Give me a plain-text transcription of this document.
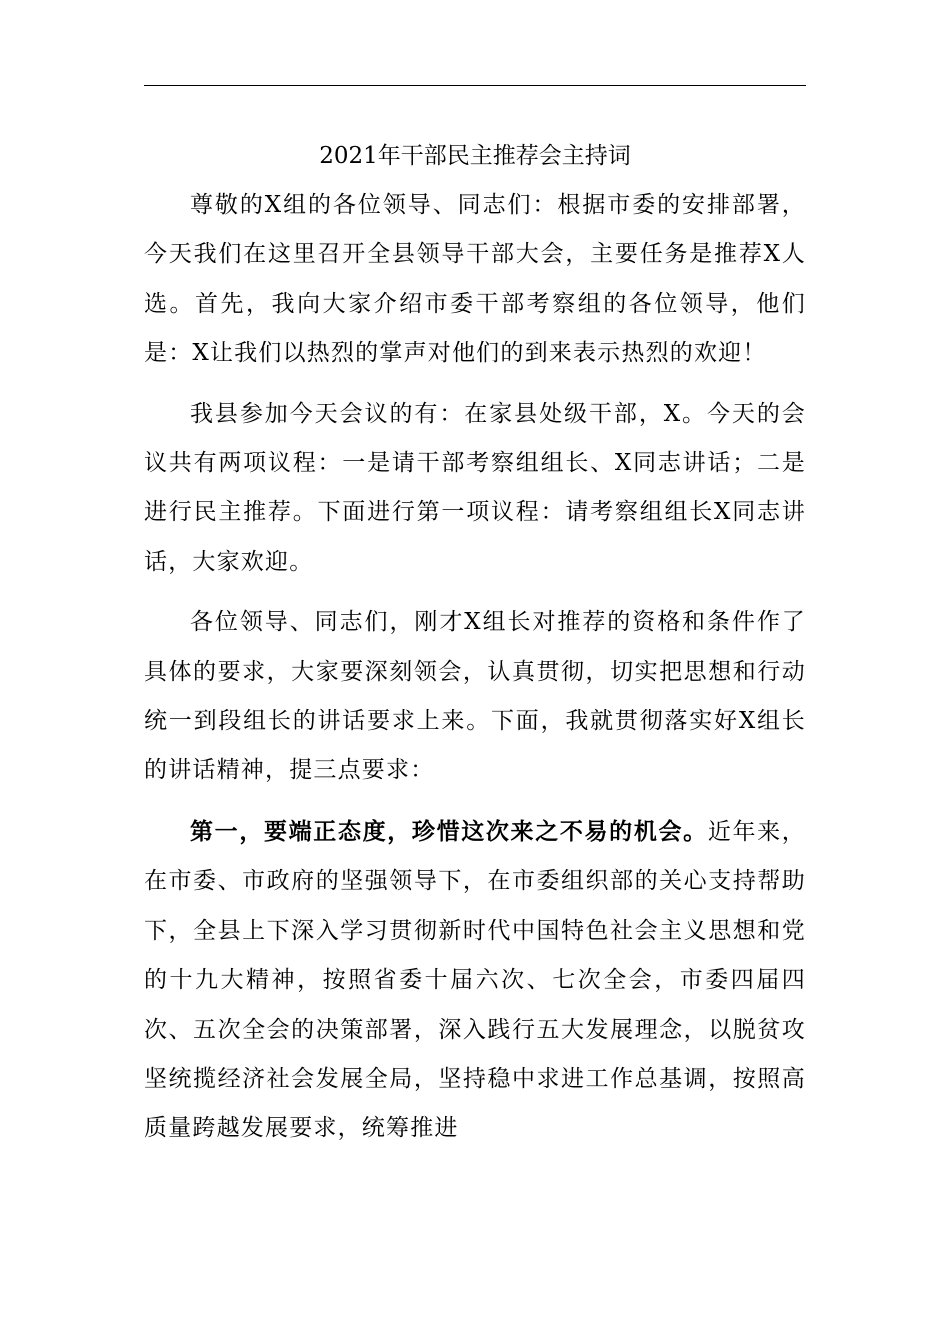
2021年干部民主推荐会主持词

尊敬的X组的各位领导、同志们：根据市委的安排部署，今天我们在这里召开全县领导干部大会，主要任务是推荐X人选。首先，我向大家介绍市委干部考察组的各位领导，他们是：X让我们以热烈的掌声对他们的到来表示热烈的欢迎！

我县参加今天会议的有：在家县处级干部，X。今天的会议共有两项议程：一是请干部考察组组长、X同志讲话；二是进行民主推荐。下面进行第一项议程：请考察组组长X同志讲话，大家欢迎。

各位领导、同志们，刚才X组长对推荐的资格和条件作了具体的要求，大家要深刻领会，认真贯彻，切实把思想和行动统一到段组长的讲话要求上来。下面，我就贯彻落实好X组长的讲话精神，提三点要求：

第一，要端正态度，珍惜这次来之不易的机会。近年来，在市委、市政府的坚强领导下，在市委组织部的关心支持帮助下，全县上下深入学习贯彻新时代中国特色社会主义思想和党的十九大精神，按照省委十届六次、七次全会，市委四届四次、五次全会的决策部署，深入践行五大发展理念，以脱贫攻坚统揽经济社会发展全局，坚持稳中求进工作总基调，按照高质量跨越发展要求，统筹推进
